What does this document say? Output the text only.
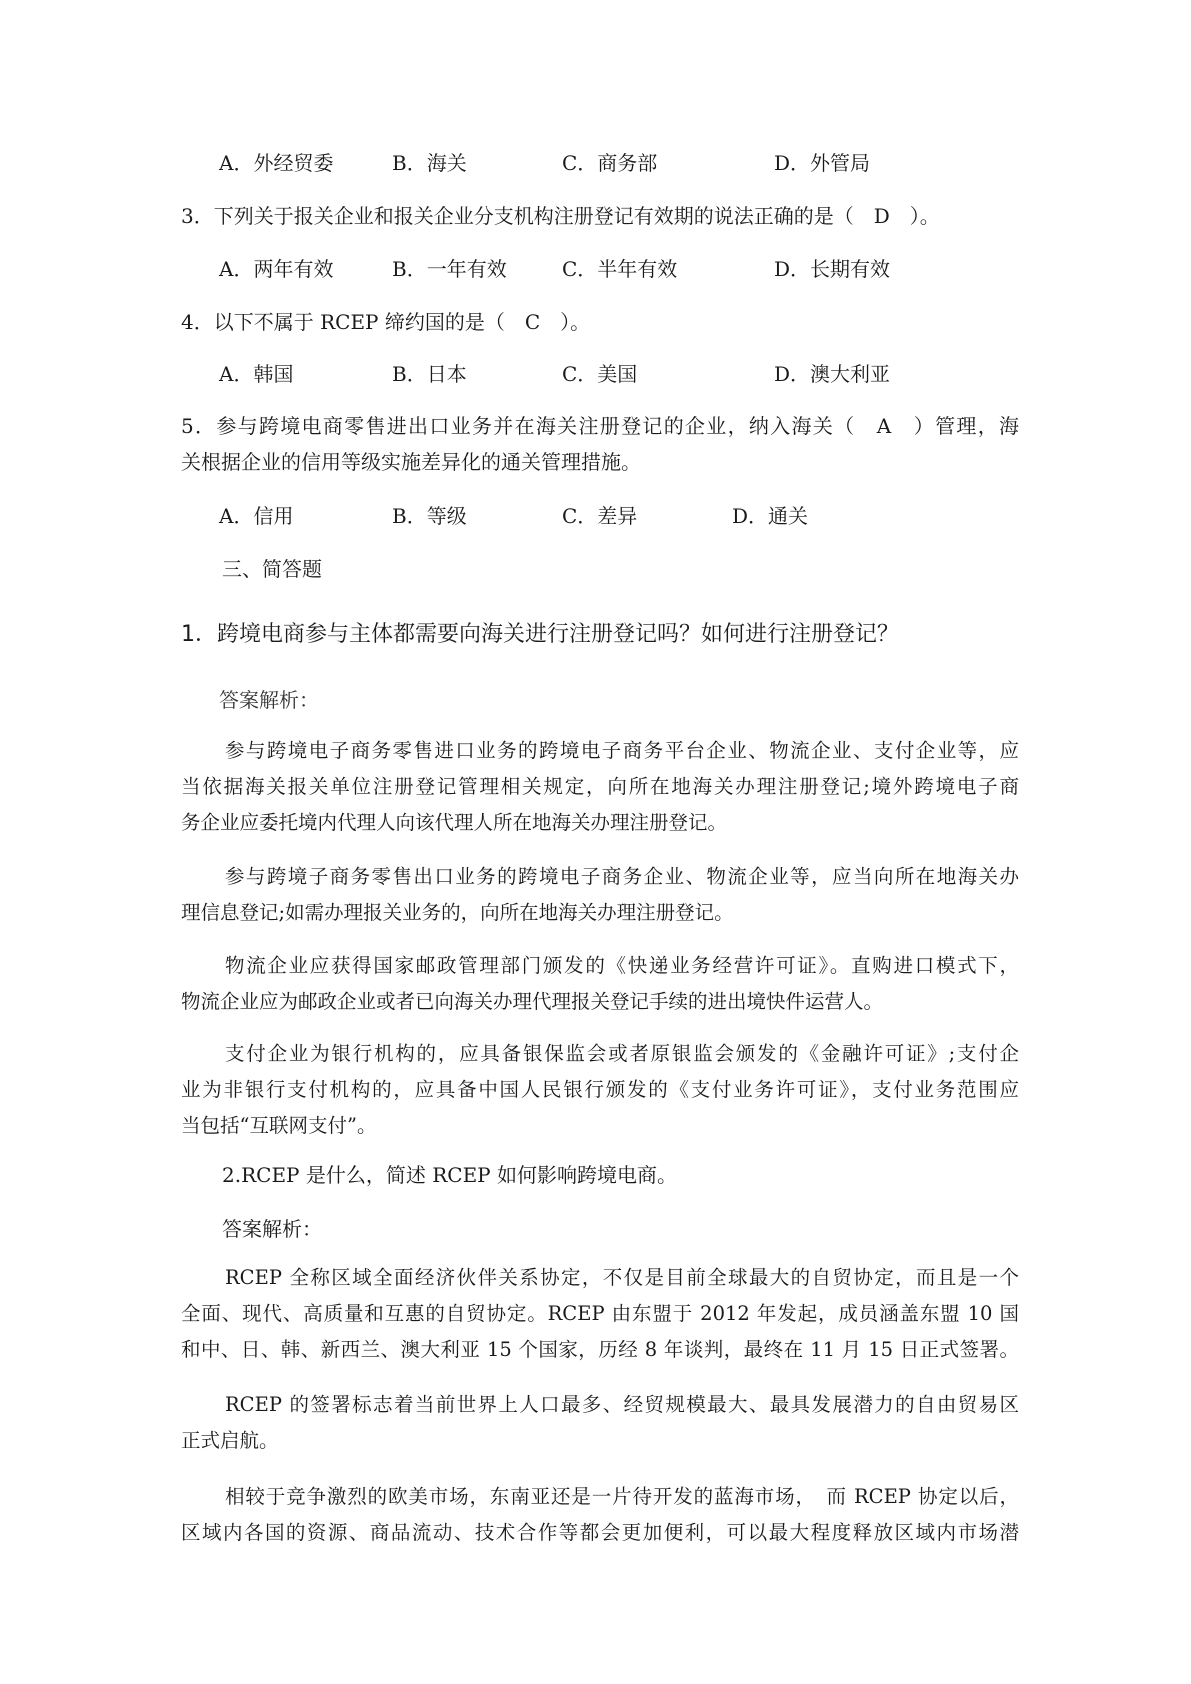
A．外经贸委	B．海关	C．商务部	D．外管局
3．下列关于报关企业和报关企业分支机构注册登记有效期的说法正确的是（　D　）。
A．两年有效	B．一年有效	C．半年有效	D．长期有效
4．以下不属于 RCEP 缔约国的是（　C　）。
A．韩国	B．日本	C．美国	D．澳大利亚
5．参与跨境电商零售进出口业务并在海关注册登记的企业，纳入海关（　A　）管理，海
关根据企业的信用等级实施差异化的通关管理措施。
A．信用	B．等级	C．差异	D．通关
三、简答题
1．跨境电商参与主体都需要向海关进行注册登记吗？如何进行注册登记？
答案解析：
参与跨境电子商务零售进口业务的跨境电子商务平台企业、物流企业、支付企业等，应
当依据海关报关单位注册登记管理相关规定，向所在地海关办理注册登记;境外跨境电子商
务企业应委托境内代理人向该代理人所在地海关办理注册登记。
参与跨境子商务零售出口业务的跨境电子商务企业、物流企业等，应当向所在地海关办
理信息登记;如需办理报关业务的，向所在地海关办理注册登记。
物流企业应获得国家邮政管理部门颁发的《快递业务经营许可证》。直购进口模式下，
物流企业应为邮政企业或者已向海关办理代理报关登记手续的进出境快件运营人。
支付企业为银行机构的，应具备银保监会或者原银监会颁发的《金融许可证》;支付企
业为非银行支付机构的，应具备中国人民银行颁发的《支付业务许可证》，支付业务范围应
当包括“互联网支付”。
2.RCEP 是什么，简述 RCEP 如何影响跨境电商。
答案解析：
RCEP 全称区域全面经济伙伴关系协定，不仅是目前全球最大的自贸协定，而且是一个
全面、现代、高质量和互惠的自贸协定。RCEP 由东盟于 2012 年发起，成员涵盖东盟 10 国
和中、日、韩、新西兰、澳大利亚 15 个国家，历经 8 年谈判，最终在 11 月 15 日正式签署。
RCEP 的签署标志着当前世界上人口最多、经贸规模最大、最具发展潜力的自由贸易区
正式启航。
相较于竞争激烈的欧美市场，东南亚还是一片待开发的蓝海市场，　而 RCEP 协定以后，
区域内各国的资源、商品流动、技术合作等都会更加便利，可以最大程度释放区域内市场潜
